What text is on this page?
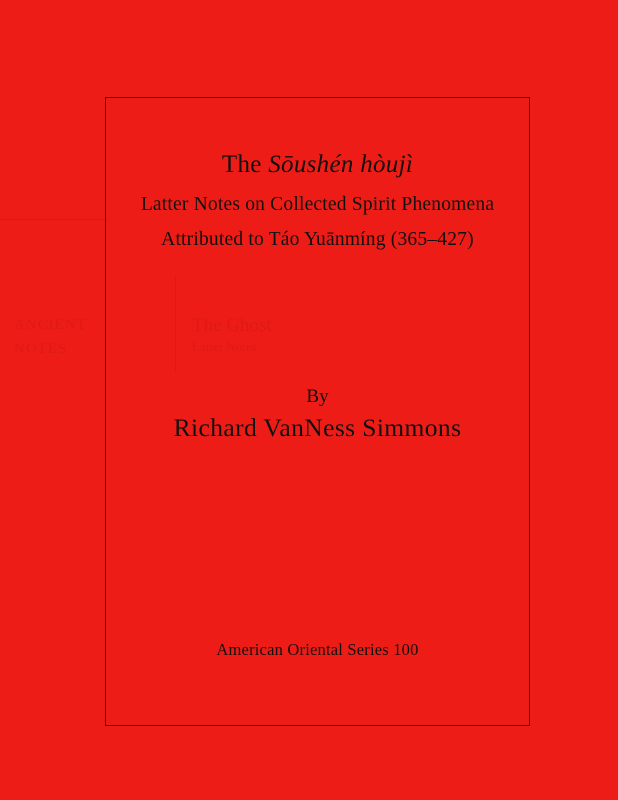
ANCIENT
NOTES
The Ghost
Latter Notes
The Sōushén hòujì
Latter Notes on Collected Spirit Phenomena
Attributed to Táo Yuānmíng (365–427)
By
Richard VanNess Simmons
American Oriental Series 100
